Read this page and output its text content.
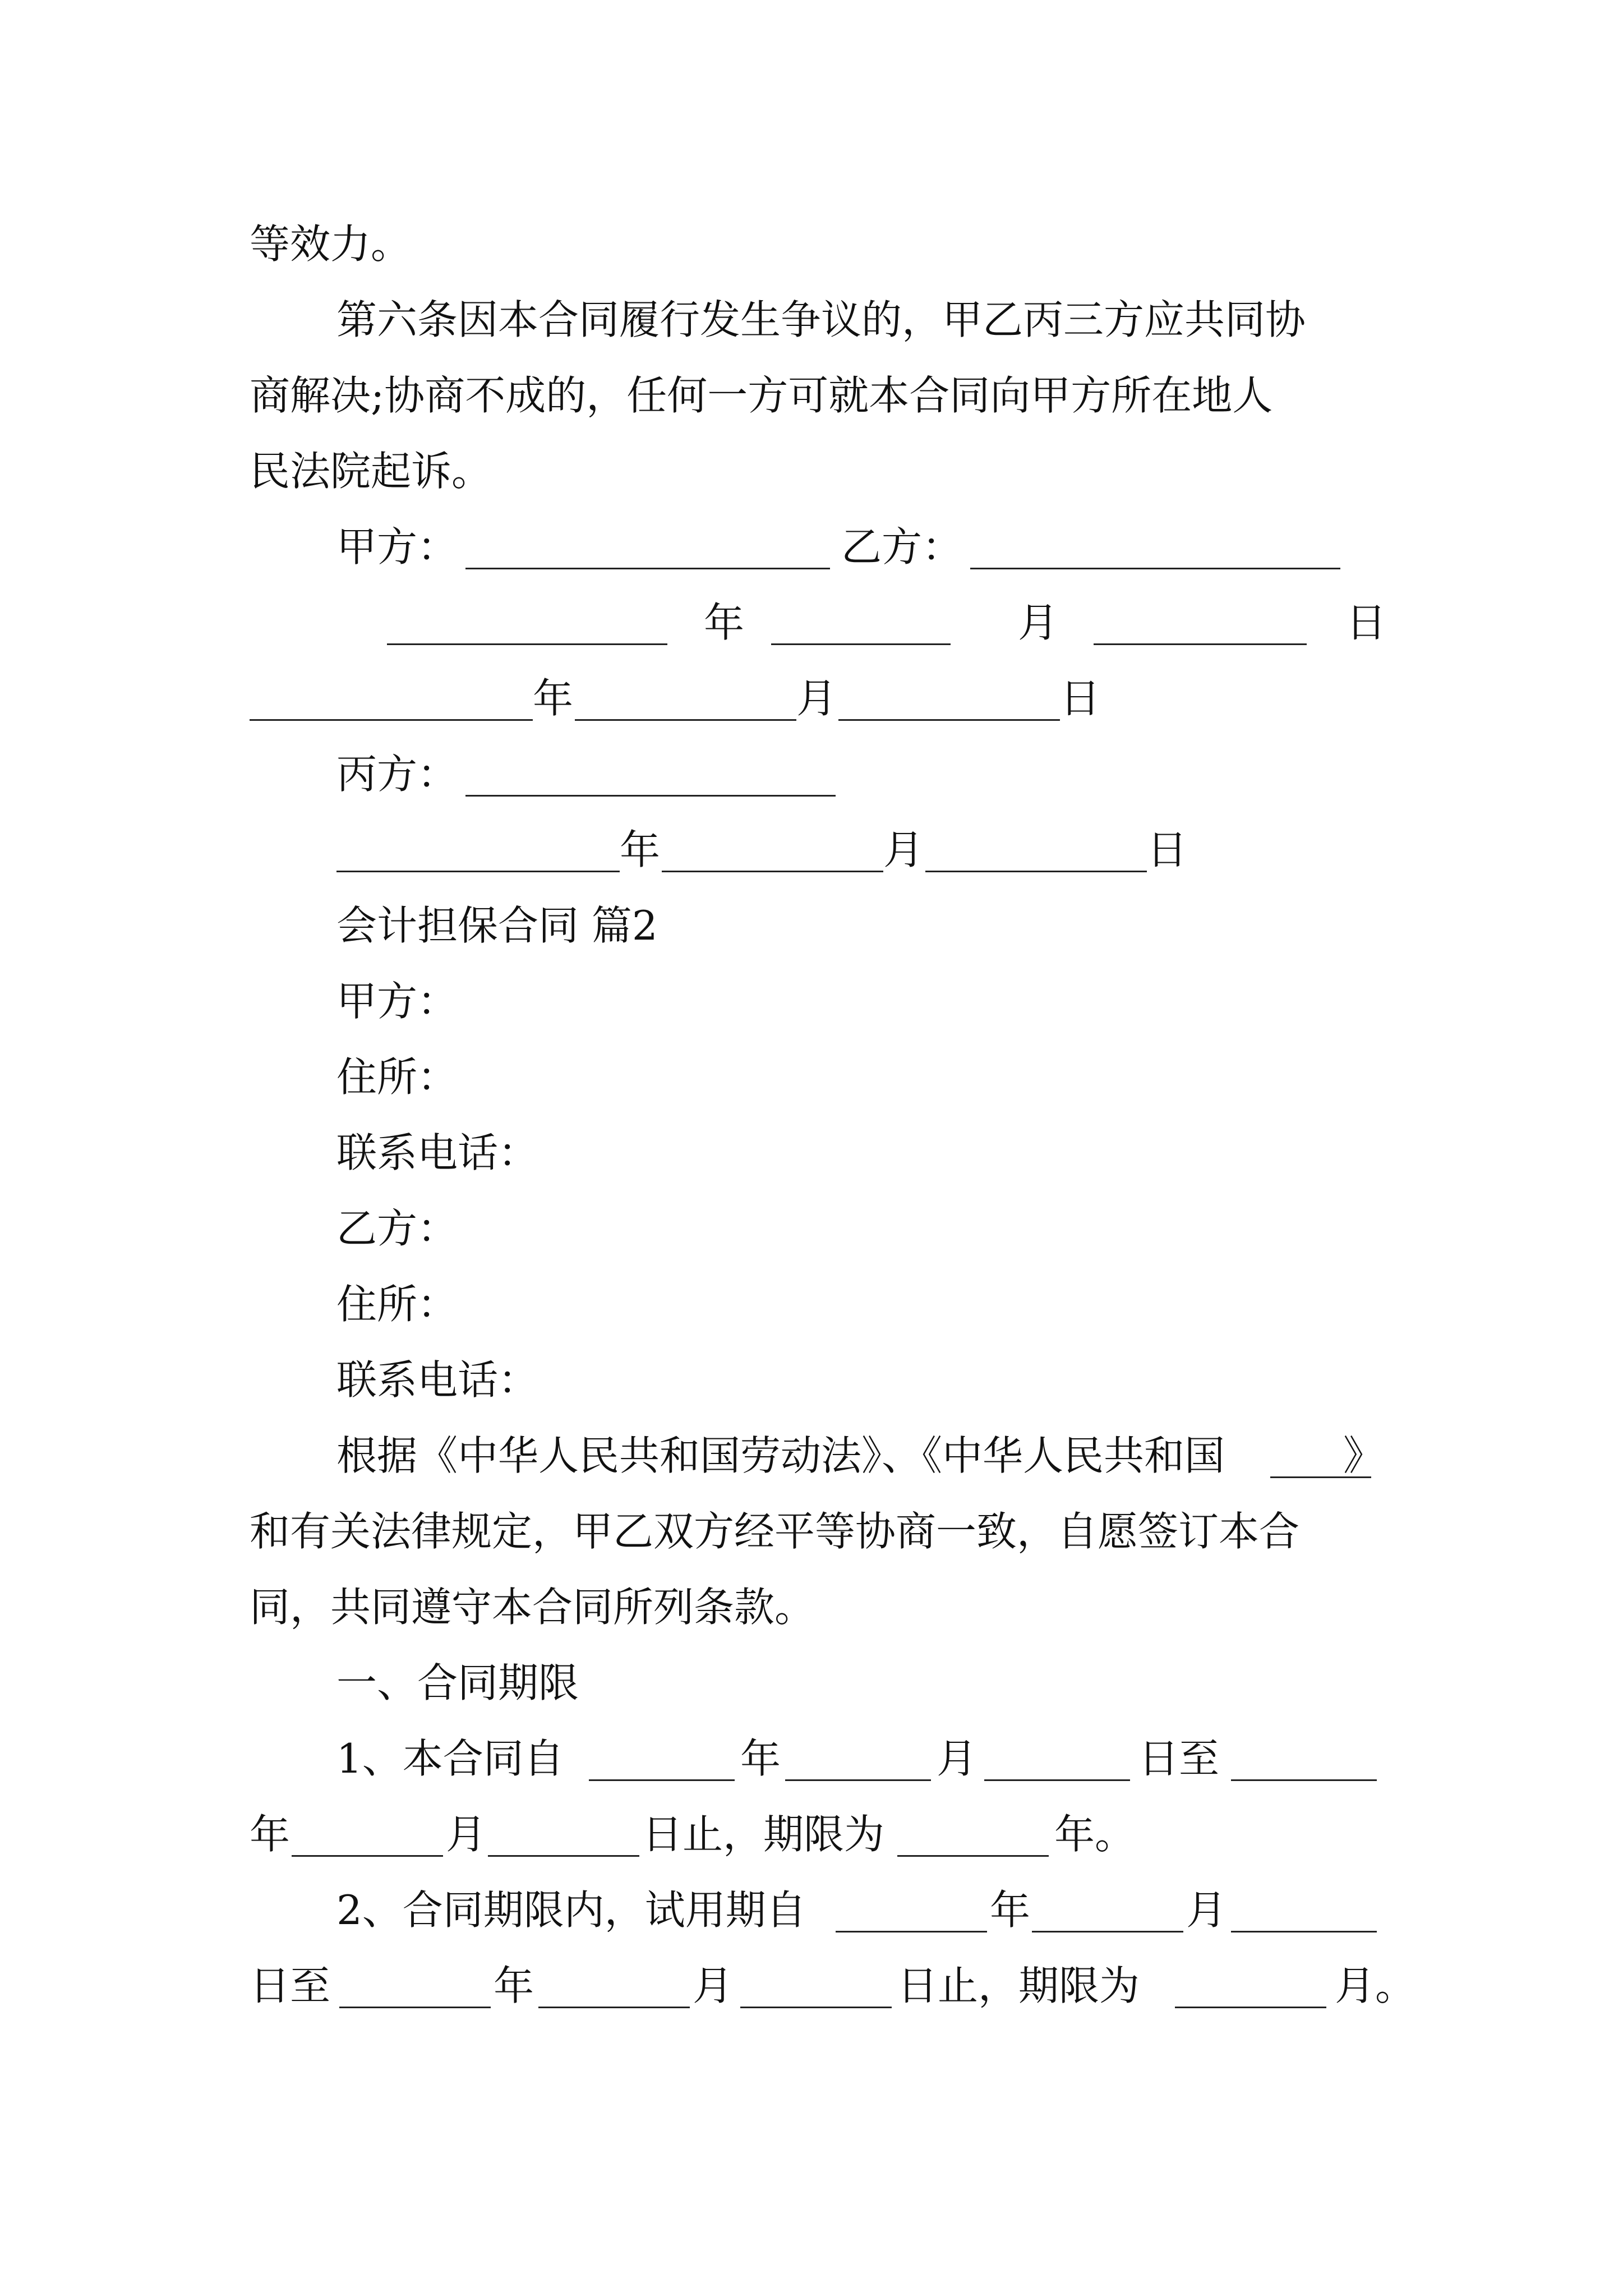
等效力。
第六条因本合同履行发生争议的，甲乙丙三方应共同协
商解决;协商不成的，任何一方可就本合同向甲方所在地人
民法院起诉。
甲方：	乙方：
年	月	日
年	月	日
丙方：
年	月	日
会计担保合同 篇2
甲方：
住所：
联系电话：
乙方：
住所：
联系电话：
根据《中华人民共和国劳动法》、《中华人民共和国	》
和有关法律规定，甲乙双方经平等协商一致，自愿签订本合
同，共同遵守本合同所列条款。
一、合同期限
1、本合同自	年	月	日至
年	月	日止，期限为	年。
2、合同期限内，试用期自	年	月
日至	年	月	日止，期限为	月。
